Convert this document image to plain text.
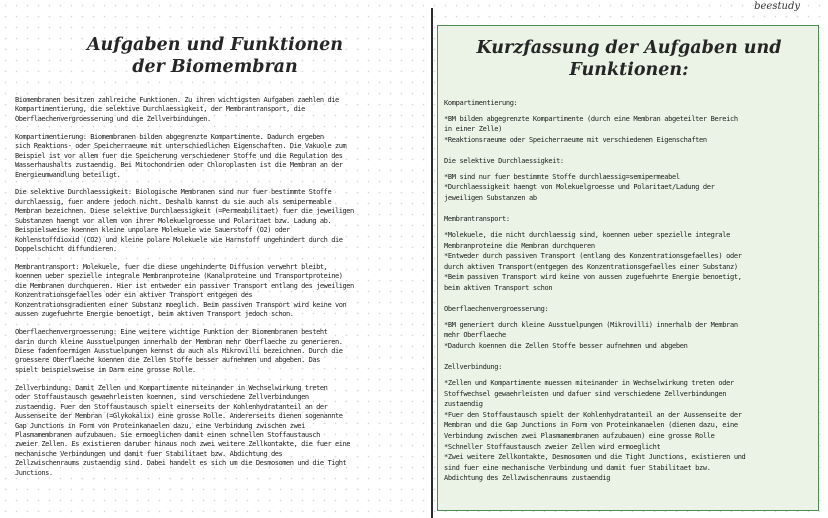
Aufgaben und Funktionen
der Biomembran

Biomembranen besitzen zahlreiche Funktionen. Zu ihren wichtigsten Aufgaben zaehlen die
Kompartimentierung, die selektive Durchlaessigkeit, der Membrantransport, die
Oberflaechenvergroesserung und die Zellverbindungen.

Kompartimentierung: Biomembranen bilden abgegrenzte Kompartimente. Dadurch ergeben
sich Reaktions- oder Speicherraeume mit unterschiedlichen Eigenschaften. Die Vakuole zum
Beispiel ist vor allem fuer die Speicherung verschiedener Stoffe und die Regulation des
Wasserhaushalts zustaendig. Bei Mitochondrien oder Chloroplasten ist die Membran an der
Energieumwandlung beteiligt.

Die selektive Durchlaessigkeit: Biologische Membranen sind nur fuer bestimmte Stoffe
durchlaessig, fuer andere jedoch nicht. Deshalb kannst du sie auch als semipermeable
Membran bezeichnen. Diese selektive Durchlaessigkeit (=Permeabilitaet) fuer die jeweiligen
Substanzen haengt vor allem von ihrer Molekuelgroesse und Polaritaet bzw. Ladung ab.
Beispielsweise koennen kleine unpolare Molekuele wie Sauerstoff (O2) oder
Kohlenstoffdioxid (CO2) und kleine polare Molekuele wie Harnstoff ungehindert durch die
Doppelschicht diffundieren.

Membrantransport: Molekuele, fuer die diese ungehinderte Diffusion verwehrt bleibt,
koennen ueber spezielle integrale Membranproteine (Kanalproteine und Transportproteine)
die Membranen durchqueren. Hier ist entweder ein passiver Transport entlang des jeweiligen
Konzentrationsgefaelles oder ein aktiver Transport entgegen des
Konzentrationsgradienten einer Substanz moeglich. Beim passiven Transport wird keine von
aussen zugefuehrte Energie benoetigt, beim aktiven Transport jedoch schon.

Oberflaechenvergroesserung: Eine weitere wichtige Funktion der Biomembranen besteht
darin durch kleine Ausstuelpungen innerhalb der Membran mehr Oberflaeche zu generieren.
Diese fadenfoermigen Ausstuelpungen kennst du auch als Mikrovilli bezeichnen. Durch die
groessere Oberflaeche koennen die Zellen Stoffe besser aufnehmen und abgeben. Das
spielt beispielsweise im Darm eine grosse Rolle.

Zellverbindung: Damit Zellen und Kompartimente miteinander in Wechselwirkung treten
oder Stoffaustausch gewaehrleisten koennen, sind verschiedene Zellverbindungen
zustaendig. Fuer den Stoffaustausch spielt einerseits der Kohlenhydratanteil an der
Aussenseite der Membran (=Glykokalix) eine grosse Rolle. Andererseits dienen sogenannte
Gap Junctions in Form von Proteinkanaelen dazu, eine Verbindung zwischen zwei
Plasmamembranen aufzubauen. Sie ermoeglichen damit einen schnellen Stoffaustausch
zweier Zellen. Es existieren daruber hinaus noch zwei weitere Zellkontakte, die fuer eine
mechanische Verbindungen und damit fuer Stabilitaet bzw. Abdichtung des
Zellzwischenraums zustaendig sind. Dabei handelt es sich um die Desmosomen und die Tight
Junctions.

beestudy
Kurzfassung der Aufgaben und
Funktionen:
Kompartimentierung:
*BM bilden abgegrenzte Kompartimente (durch eine Membran abgeteilter Bereich
in einer Zelle)
*Reaktionsraeume oder Speicherraeume mit verschiedenen Eigenschaften
Die selektive Durchlaessigkeit:
*BM sind nur fuer bestimmte Stoffe durchlaessig=semipermeabel
*Durchlaessigkeit haengt von Molekuelgroesse und Polaritaet/Ladung der
jeweiligen Substanzen ab
Membrantransport:
*Molekuele, die nicht durchlaessig sind, koennen ueber spezielle integrale
Membranproteine die Membran durchqueren
*Entweder durch passiven Transport (entlang des Konzentrationsgefaelles) oder
durch aktiven Transport(entgegen des Konzentrationsgefaelles einer Substanz)
*Beim passiven Transport wird keine von aussen zugefuehrte Energie benoetigt,
beim aktiven Transport schon
Oberflaechenvergroesserung:
*BM generiert durch kleine Ausstuelpungen (Mikrovilli) innerhalb der Membran
mehr Oberflaeche
*Dadurch koennen die Zellen Stoffe besser aufnehmen und abgeben
Zellverbindung:
*Zellen und Kompartimente muessen miteinander in Wechselwirkung treten oder
Stoffwechsel gewaehrleisten und dafuer sind verschiedene Zellverbindungen
zustaendig
*Fuer den Stoffaustausch spielt der Kohlenhydratanteil an der Aussenseite der
Membran und die Gap Junctions in Form von Proteinkanaelen (dienen dazu, eine
Verbindung zwischen zwei Plasmamembranen aufzubauen) eine grosse Rolle
*Schneller Stoffaustausch zweier Zellen wird ermoeglicht
*Zwei weitere Zellkontakte, Desmosomen und die Tight Junctions, existieren und
sind fuer eine mechanische Verbindung und damit fuer Stabilitaet bzw.
Abdichtung des Zellzwischenraums zustaendig
